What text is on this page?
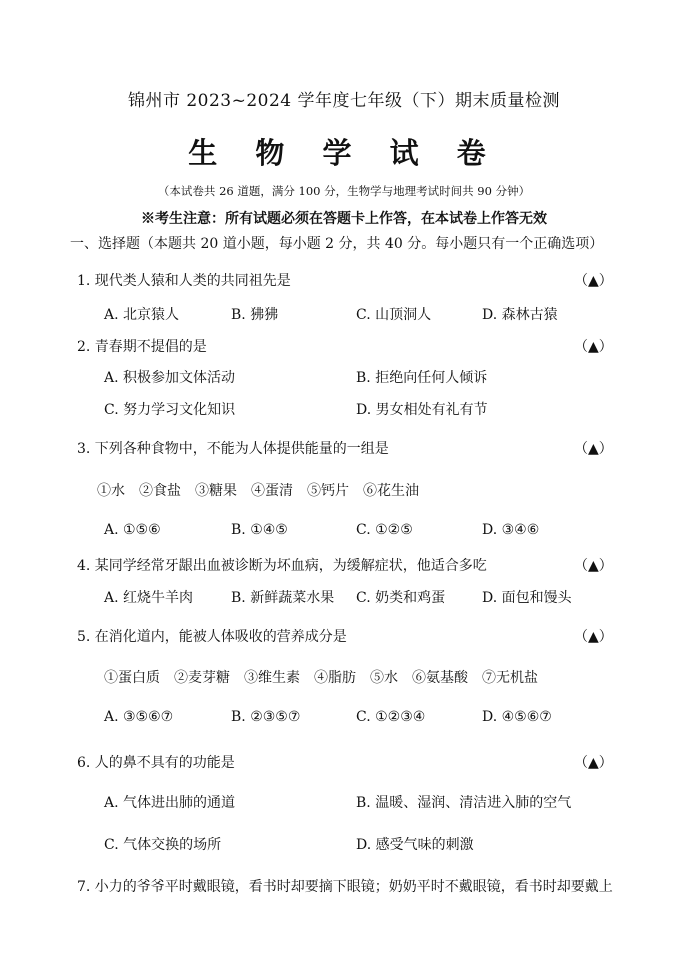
锦州市 2023~2024 学年度七年级（下）期末质量检测
生 物 学 试 卷
（本试卷共 26 道题，满分 100 分，生物学与地理考试时间共 90 分钟）
※考生注意：所有试题必须在答题卡上作答，在本试卷上作答无效
一、选择题（本题共 20 道小题，每小题 2 分，共 40 分。每小题只有一个正确选项）
1. 现代类人猿和人类的共同祖先是	（▲）
A. 北京猿人	B. 狒狒	C. 山顶洞人	D. 森林古猿
2. 青春期不提倡的是	（▲）
A. 积极参加文体活动	B. 拒绝向任何人倾诉
C. 努力学习文化知识	D. 男女相处有礼有节
3. 下列各种食物中，不能为人体提供能量的一组是	（▲）
①水　②食盐　③糖果　④蛋清　⑤钙片　⑥花生油
A. ①⑤⑥	B. ①④⑤	C. ①②⑤	D. ③④⑥
4. 某同学经常牙龈出血被诊断为坏血病，为缓解症状，他适合多吃	（▲）
A. 红烧牛羊肉	B. 新鲜蔬菜水果 C. 奶类和鸡蛋	D. 面包和馒头
5. 在消化道内，能被人体吸收的营养成分是	（▲）
①蛋白质　②麦芽糖　③维生素　④脂肪　⑤水　⑥氨基酸　⑦无机盐
A. ③⑤⑥⑦	B. ②③⑤⑦	C. ①②③④	D. ④⑤⑥⑦
6. 人的鼻不具有的功能是	（▲）
A. 气体进出肺的通道	B. 温暖、湿润、清洁进入肺的空气
C. 气体交换的场所	D. 感受气味的刺激
7. 小力的爷爷平时戴眼镜，看书时却要摘下眼镜；奶奶平时不戴眼镜，看书时却要戴上
